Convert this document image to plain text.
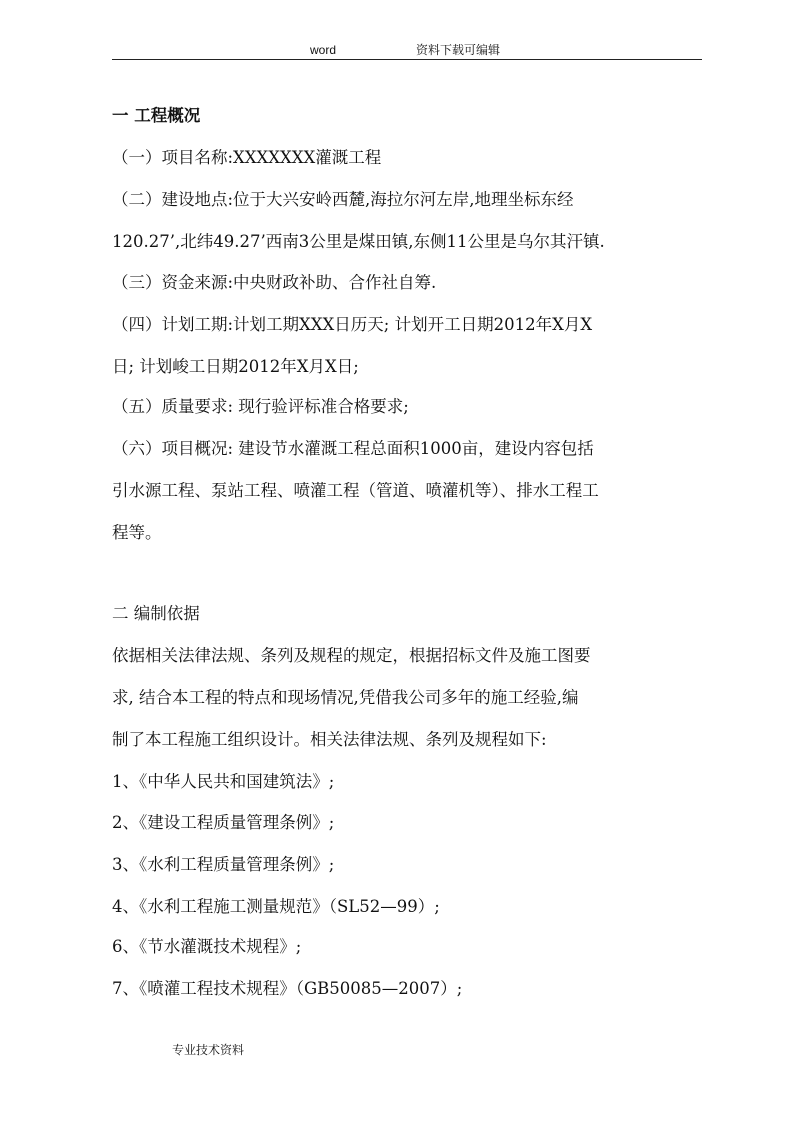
word	资料下载可编辑
一 工程概况
（一）项目名称:XXXXXXX灌溉工程
（二）建设地点:位于大兴安岭西麓,海拉尔河左岸,地理坐标东经
120.27’,北纬49.27’西南3公里是煤田镇,东侧11公里是乌尔其汗镇.
（三）资金来源:中央财政补助、合作社自筹.
（四）计划工期:计划工期XXX日历天; 计划开工日期2012年X月X
日; 计划峻工日期2012年X月X日;
（五）质量要求: 现行验评标准合格要求;
（六）项目概况: 建设节水灌溉工程总面积1000亩，建设内容包括
引水源工程、泵站工程、喷灌工程（管道、喷灌机等）、排水工程工
程等。
二 编制依据
依据相关法律法规、条列及规程的规定，根据招标文件及施工图要
求, 结合本工程的特点和现场情况,凭借我公司多年的施工经验,编
制了本工程施工组织设计。相关法律法规、条列及规程如下:
1、《中华人民共和国建筑法》;
2、《建设工程质量管理条例》;
3、《水利工程质量管理条例》;
4、《水利工程施工测量规范》（SL52—99）;
6、《节水灌溉技术规程》;
7、《喷灌工程技术规程》（GB50085—2007）;
专业技术资料
